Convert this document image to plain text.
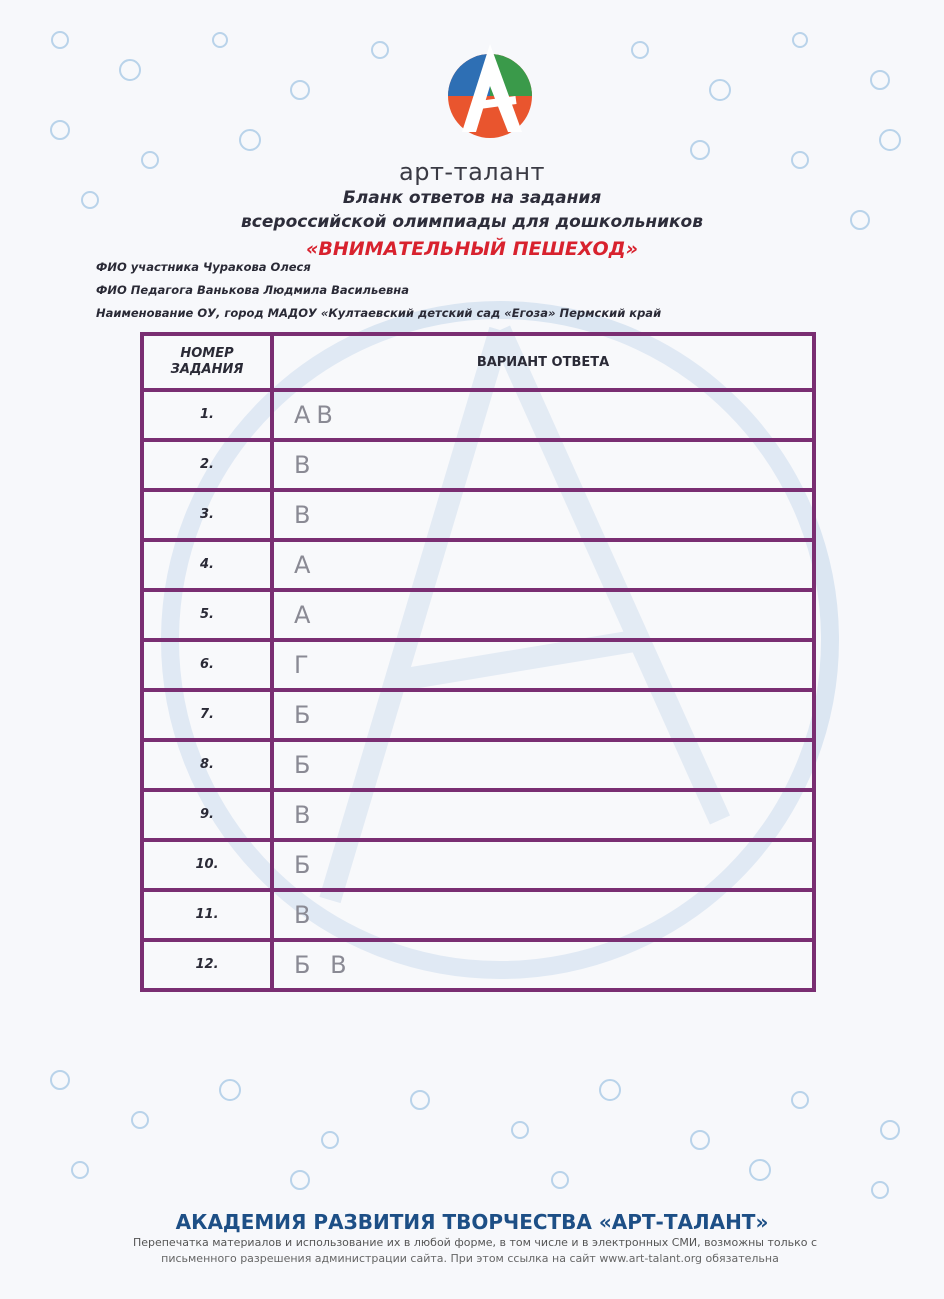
арт-талант
Бланк ответов на задания
всероссийской олимпиады для дошкольников
«ВНИМАТЕЛЬНЫЙ ПЕШЕХОД»
ФИО участника Чуракова Олеся
ФИО Педагога Ванькова Людмила Васильевна
Наименование ОУ, город МАДОУ «Култаевский детский сад «Егоза» Пермский край
НОМЕР ЗАДАНИЯ	ВАРИАНТ ОТВЕТА
1.	АВ
2.	В
3.	В
4.	А
5.	А
6.	Г
7.	Б
8.	Б
9.	В
10.	Б
11.	В
12.	Б В
АКАДЕМИЯ РАЗВИТИЯ ТВОРЧЕСТВА «АРТ-ТАЛАНТ»
Перепечатка материалов и использование их в любой форме, в том числе и в электронных СМИ, возможны только с
письменного разрешения администрации сайта. При этом ссылка на сайт www.art-talant.org обязательна
